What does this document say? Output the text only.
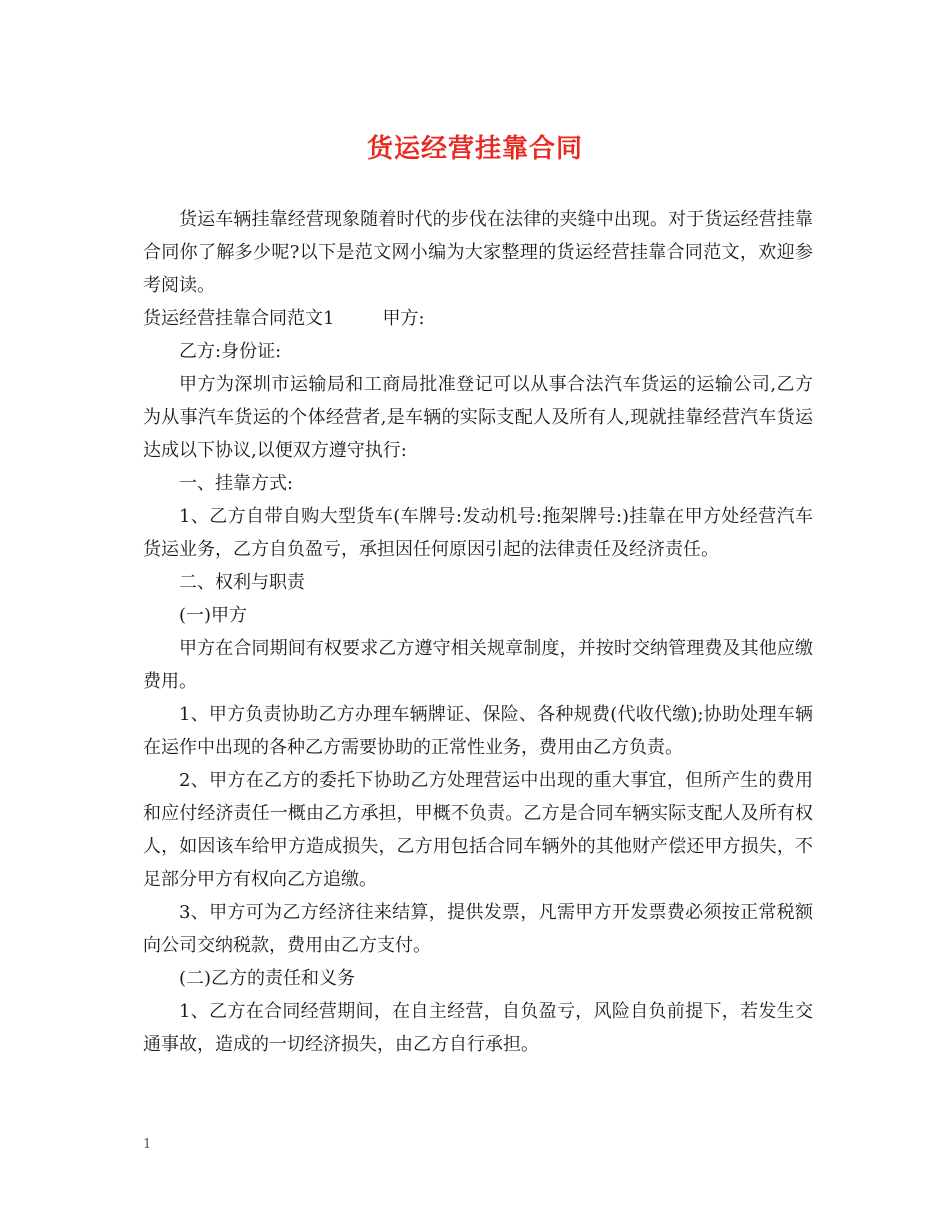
货运经营挂靠合同

货运车辆挂靠经营现象随着时代的步伐在法律的夹缝中出现。对于货运经营挂靠合同你了解多少呢?以下是范文网小编为大家整理的货运经营挂靠合同范文，欢迎参考阅读。

货运经营挂靠合同范文1	甲方:

乙方:身份证:

甲方为深圳市运输局和工商局批准登记可以从事合法汽车货运的运输公司,乙方为从事汽车货运的个体经营者,是车辆的实际支配人及所有人,现就挂靠经营汽车货运达成以下协议,以便双方遵守执行:

一、挂靠方式:

1、乙方自带自购大型货车(车牌号:发动机号:拖架牌号:)挂靠在甲方处经营汽车货运业务，乙方自负盈亏，承担因任何原因引起的法律责任及经济责任。

二、权利与职责

(一)甲方

甲方在合同期间有权要求乙方遵守相关规章制度，并按时交纳管理费及其他应缴费用。

1、甲方负责协助乙方办理车辆牌证、保险、各种规费(代收代缴);协助处理车辆在运作中出现的各种乙方需要协助的正常性业务，费用由乙方负责。

2、甲方在乙方的委托下协助乙方处理营运中出现的重大事宜，但所产生的费用和应付经济责任一概由乙方承担，甲概不负责。乙方是合同车辆实际支配人及所有权人，如因该车给甲方造成损失，乙方用包括合同车辆外的其他财产偿还甲方损失，不足部分甲方有权向乙方追缴。

3、甲方可为乙方经济往来结算，提供发票，凡需甲方开发票费必须按正常税额向公司交纳税款，费用由乙方支付。

(二)乙方的责任和义务

1、乙方在合同经营期间，在自主经营，自负盈亏，风险自负前提下，若发生交通事故，造成的一切经济损失，由乙方自行承担。

1
